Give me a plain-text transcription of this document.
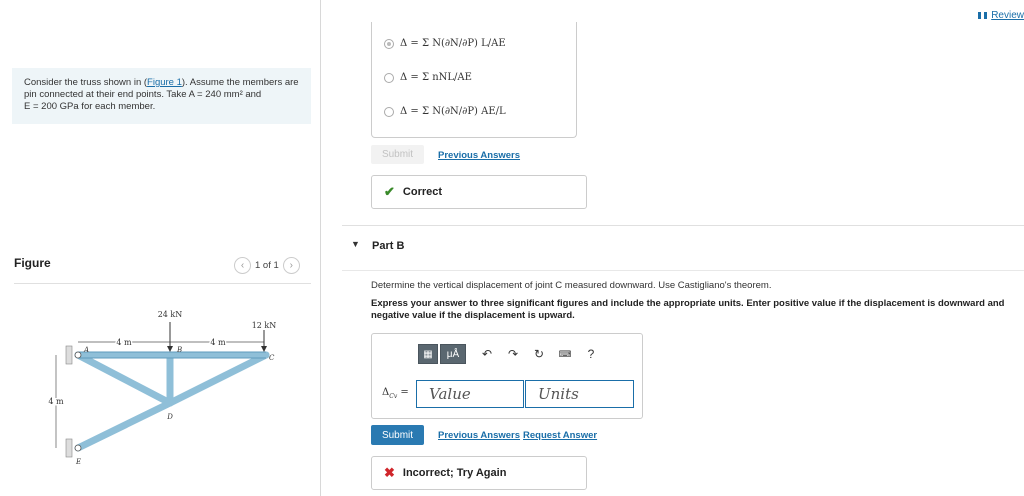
Consider the truss shown in (Figure 1). Assume the members are pin connected at their end points. Take A = 240 mm² and
E = 200 GPa for each member.
Figure	‹	1 of 1	›
4 m	4 m
4 m
24 kN
12 kN
A	B
C
D
E
Review
Δ = Σ N(∂N/∂P) L/AE
Δ = Σ nNL/AE
Δ = Σ N(∂N/∂P) AE/L
Submit	Previous Answers
✔ Correct
▼ Part B
Determine the vertical displacement of joint C measured downward. Use Castigliano's theorem.
Express your answer to three significant figures and include the appropriate units. Enter positive value if the displacement is downward and negative value if the displacement is upward.
▦	μÅ	↶	↷	↻	⌨	?
$\Delta_{Cv}$ =	Value	Units
Submit	Previous Answers Request Answer
✖ Incorrect; Try Again
